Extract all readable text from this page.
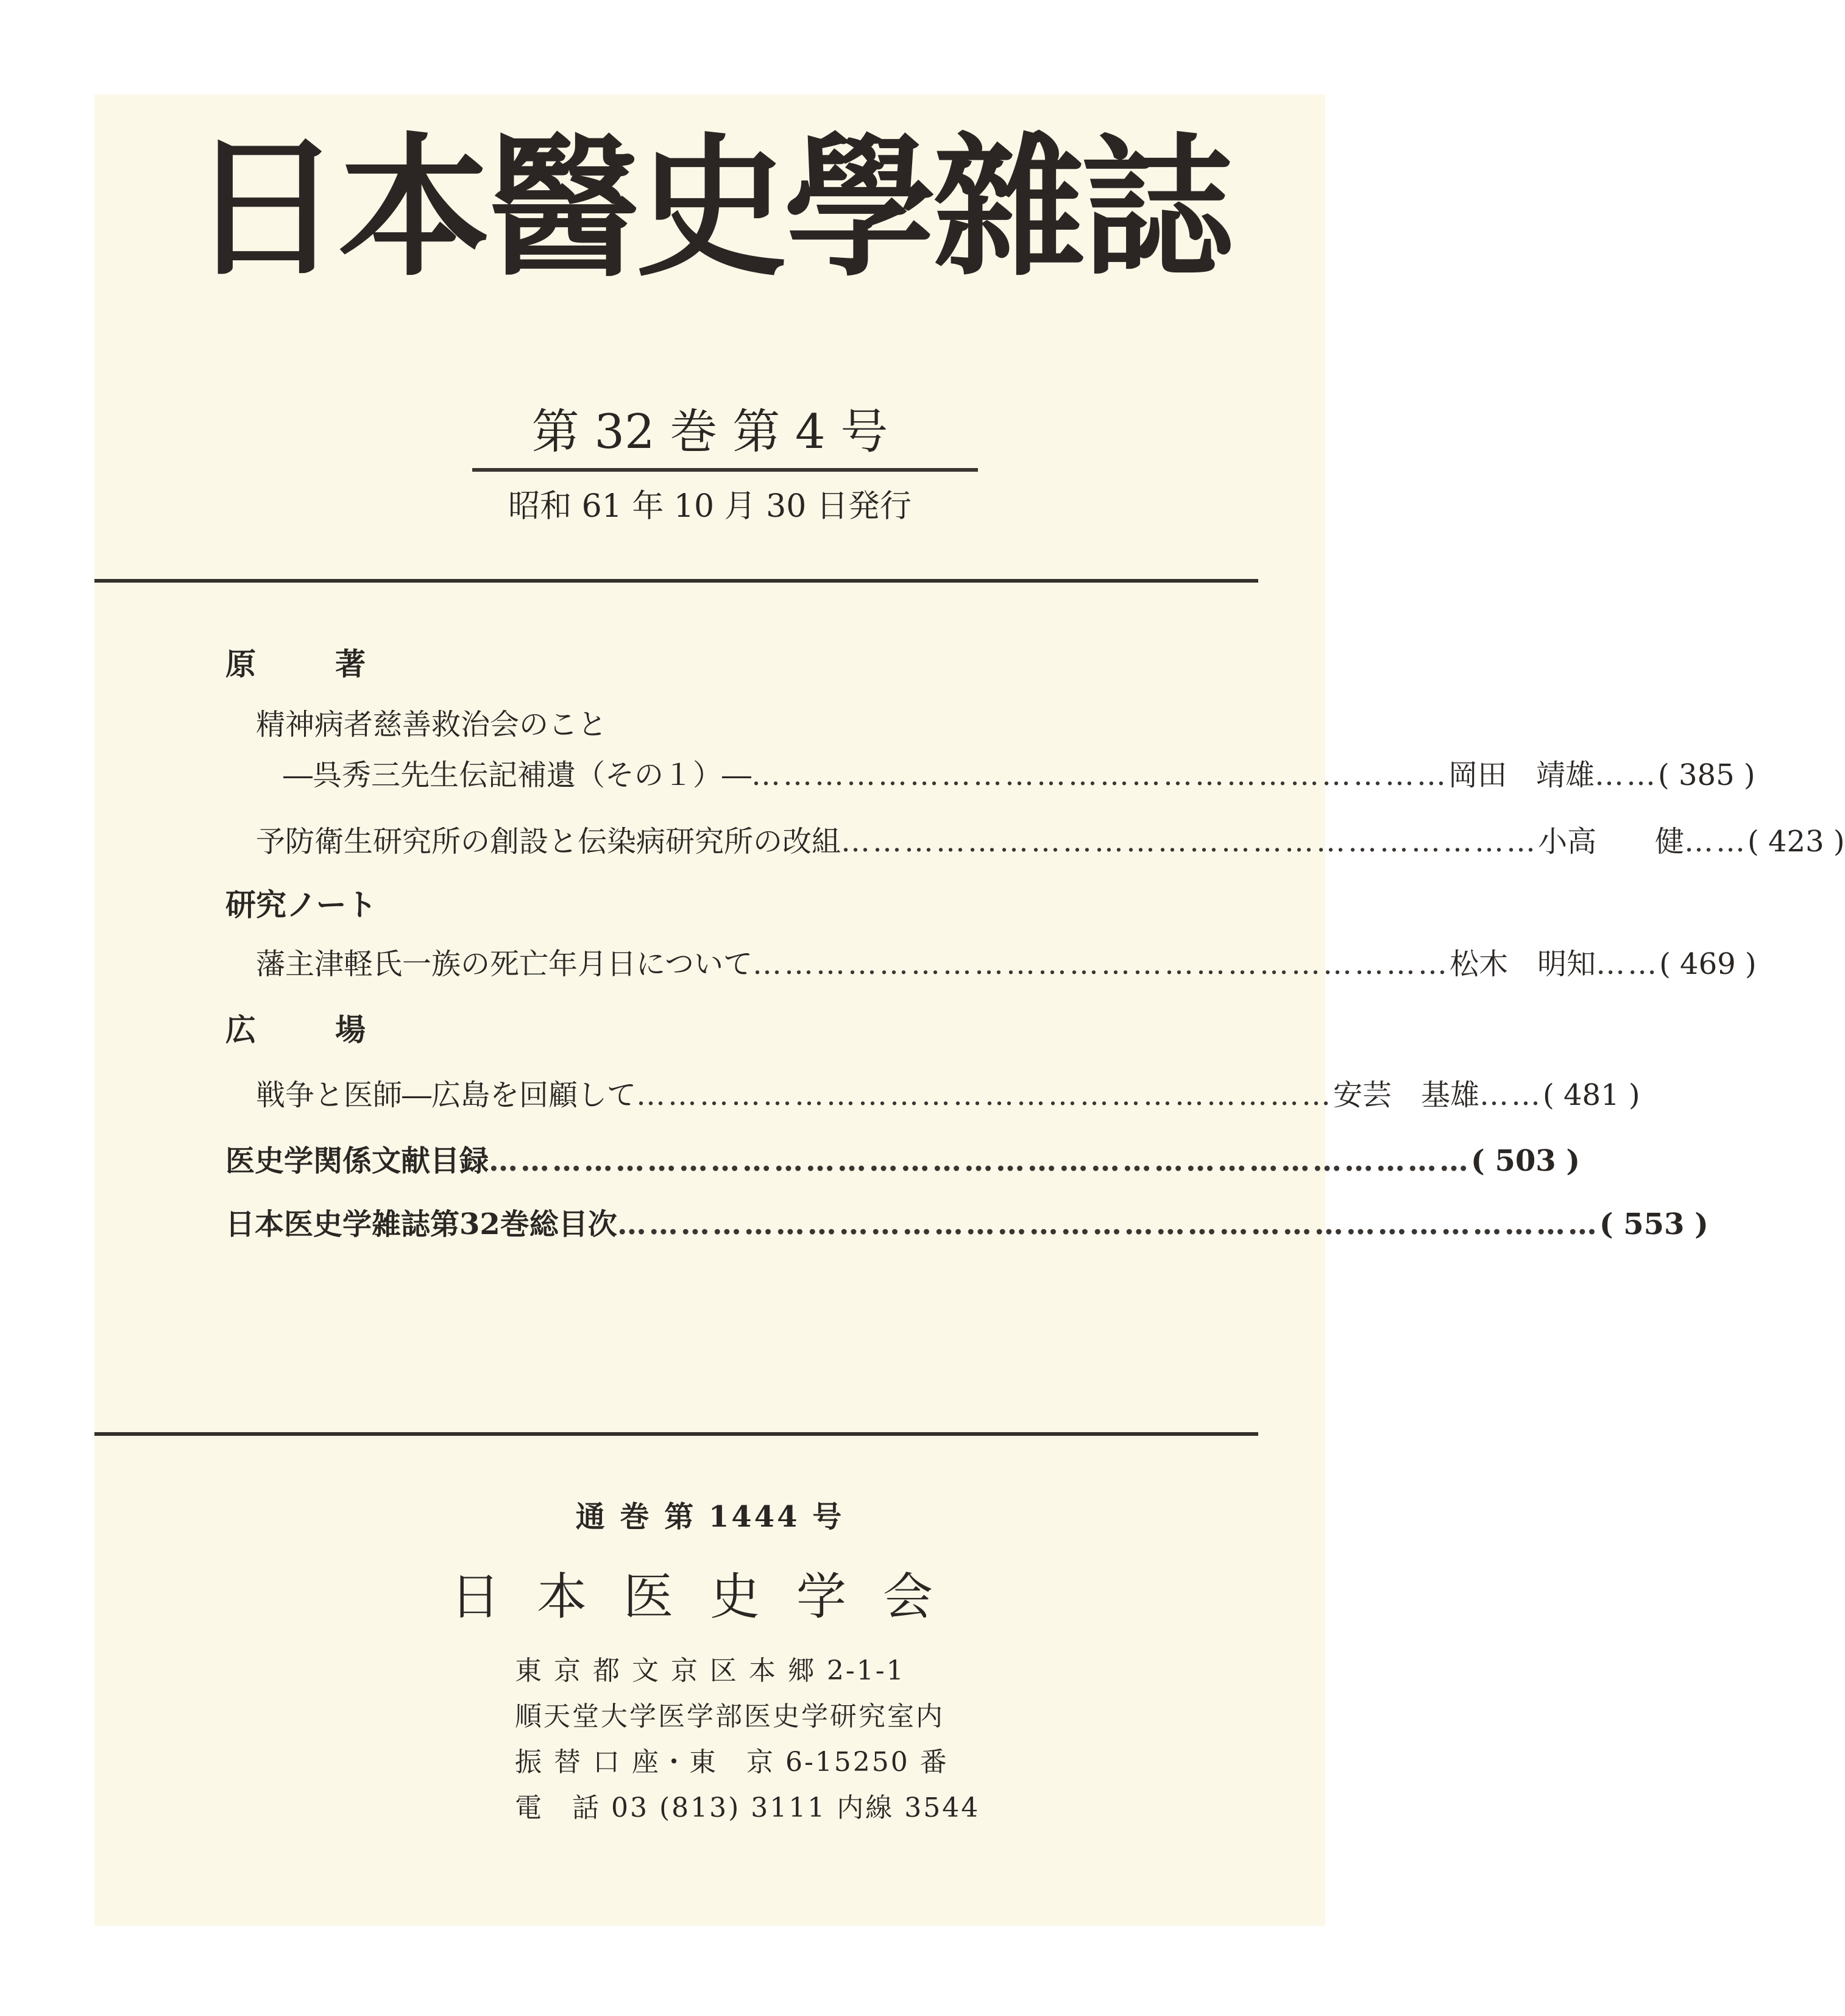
日本醫史學雜誌
第 32 巻 第 4 号
昭和 61 年 10 月 30 日発行
原　著
精神病者慈善救治会のこと
―呉秀三先生伝記補遺（その１）― ………………………………………………………… 岡田　靖雄 …… ( 385 )
予防衛生研究所の創設と伝染病研究所の改組 ………………………………………………………… 小高　　健 …… ( 423 )
研究ノート
藩主津軽氏一族の死亡年月日について ………………………………………………………… 松木　明知 …… ( 469 )
広　場
戦争と医師―広島を回顧して ………………………………………………………… 安芸　基雄 …… ( 481 )
医史学関係文献目録 ………………………………………………………………………………… ( 503 )
日本医史学雑誌第32巻総目次 ………………………………………………………………………………… ( 553 )
通 巻 第 1444 号
日本医史学会
東 京 都 文 京 区 本 郷 2-1-1
順天堂大学医学部医史学研究室内
振 替 口 座・東　京 6-15250 番
電　話 03 (813) 3111 内線 3544
